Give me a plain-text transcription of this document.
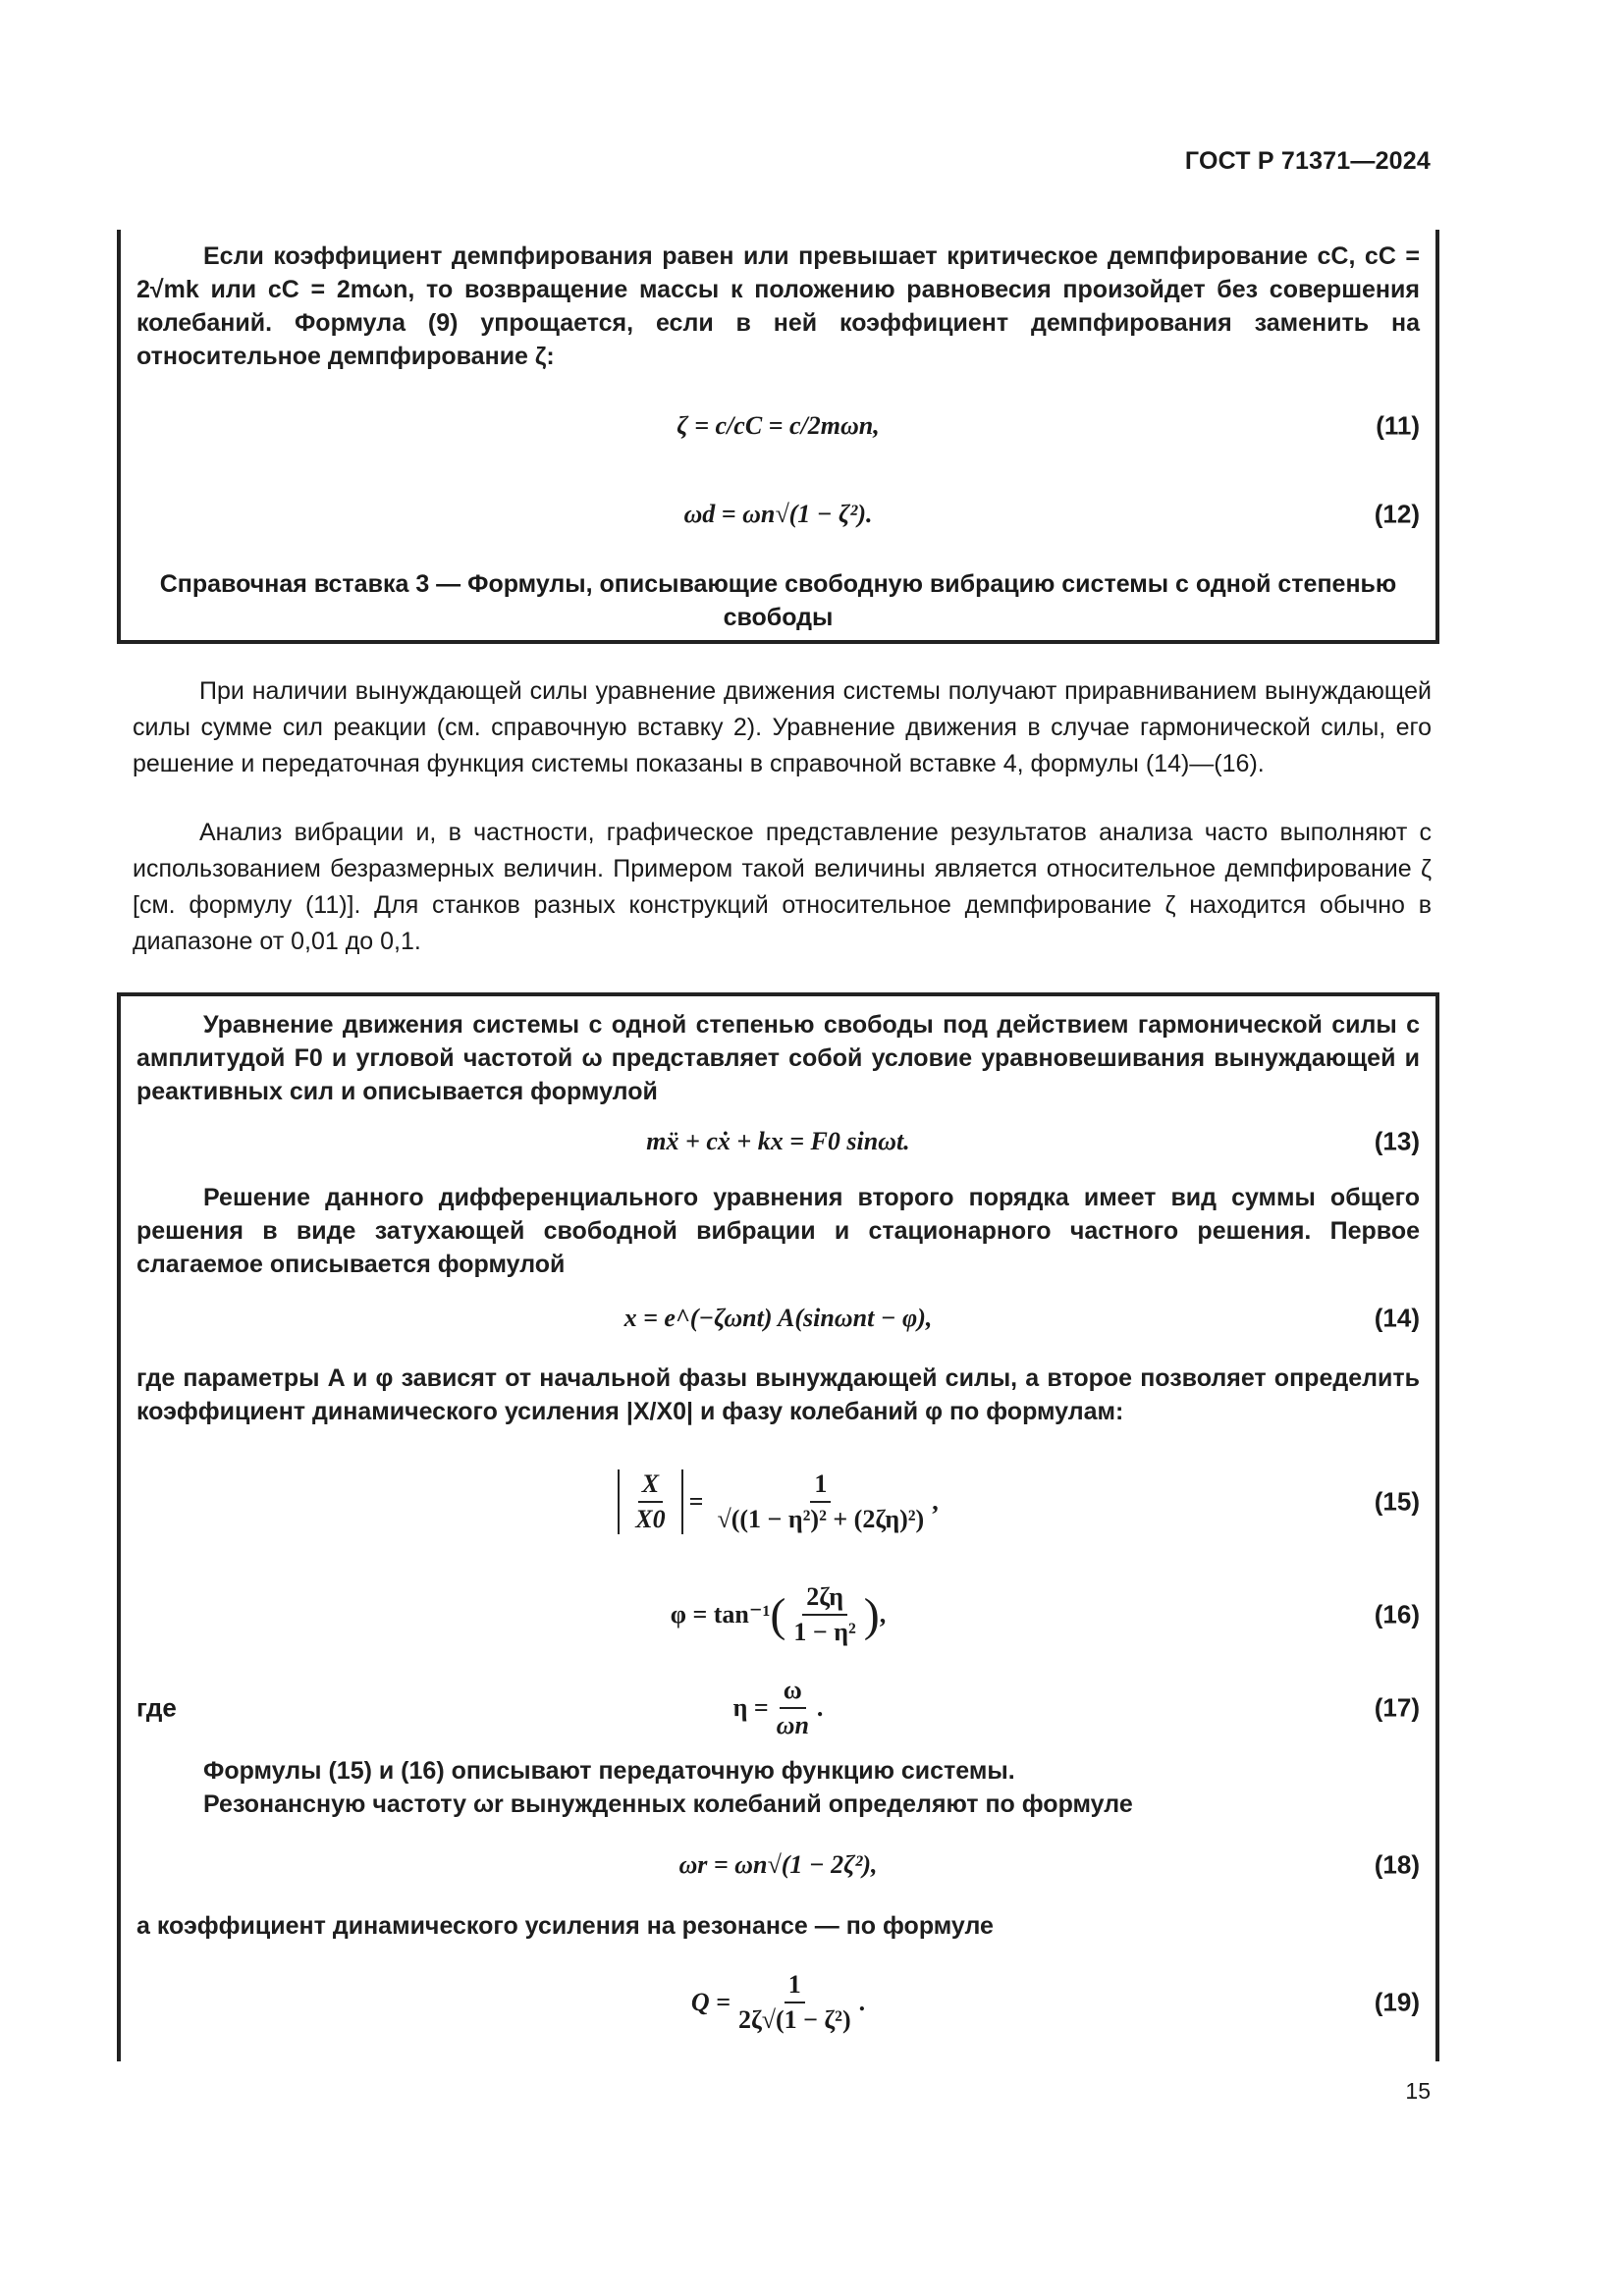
ГОСТ Р 71371—2024

Если коэффициент демпфирования равен или превышает критическое демпфирование cC, cC = 2√mk или cC = 2mωn, то возвращение массы к положению равновесия произойдет без совершения колебаний. Формула (9) упрощается, если в ней коэффициент демпфирования заменить на относительное демпфирование ζ:

ζ = c/cC = c/2mωn,	(11)
ωd = ωn√(1 − ζ²).	(12)
Справочная вставка 3 — Формулы, описывающие свободную вибрацию системы с одной степенью свободы

При наличии вынуждающей силы уравнение движения системы получают приравниванием вынуждающей силы сумме сил реакции (см. справочную вставку 2). Уравнение движения в случае гармонической силы, его решение и передаточная функция системы показаны в справочной вставке 4, формулы (14)—(16).

Анализ вибрации и, в частности, графическое представление результатов анализа часто выполняют с использованием безразмерных величин. Примером такой величины является относительное демпфирование ζ [см. формулу (11)]. Для станков разных конструкций относительное демпфирование ζ находится обычно в диапазоне от 0,01 до 0,1.

Уравнение движения системы с одной степенью свободы под действием гармонической силы с амплитудой F0 и угловой частотой ω представляет собой условие уравновешивания вынуждающей и реактивных сил и описывается формулой

mẍ + cẋ + kx = F0 sinωt.	(13)

Решение данного дифференциального уравнения второго порядка имеет вид суммы общего решения в виде затухающей свободной вибрации и стационарного частного решения. Первое слагаемое описывается формулой

x = e^(−ζωnt) A(sinωnt − φ),	(14)

где параметры A и φ зависят от начальной фазы вынуждающей силы, а второе позволяет определить коэффициент динамического усиления |X/X0| и фазу колебаний φ по формулам:

$\frac{X}{X0} = \frac{1}{\text{√((1 − η²)² + (2ζη)²)}}$ ,	(15)
φ = tan⁻¹ ( $\frac{2\zeta\eta}{\text{1 − η²}}$ ) ,	(16)
где	$\eta = \frac{\omega}{\omega n}$ .	(17)

Формулы (15) и (16) описывают передаточную функцию системы.

Резонансную частоту ωr вынужденных колебаний определяют по формуле

ωr = ωn√(1 − 2ζ²),	(18)

а коэффициент динамического усиления на резонансе — по формуле

$Q = \frac{1}{\text{2ζ√(1 − ζ²)}}$ .	(19)
15
